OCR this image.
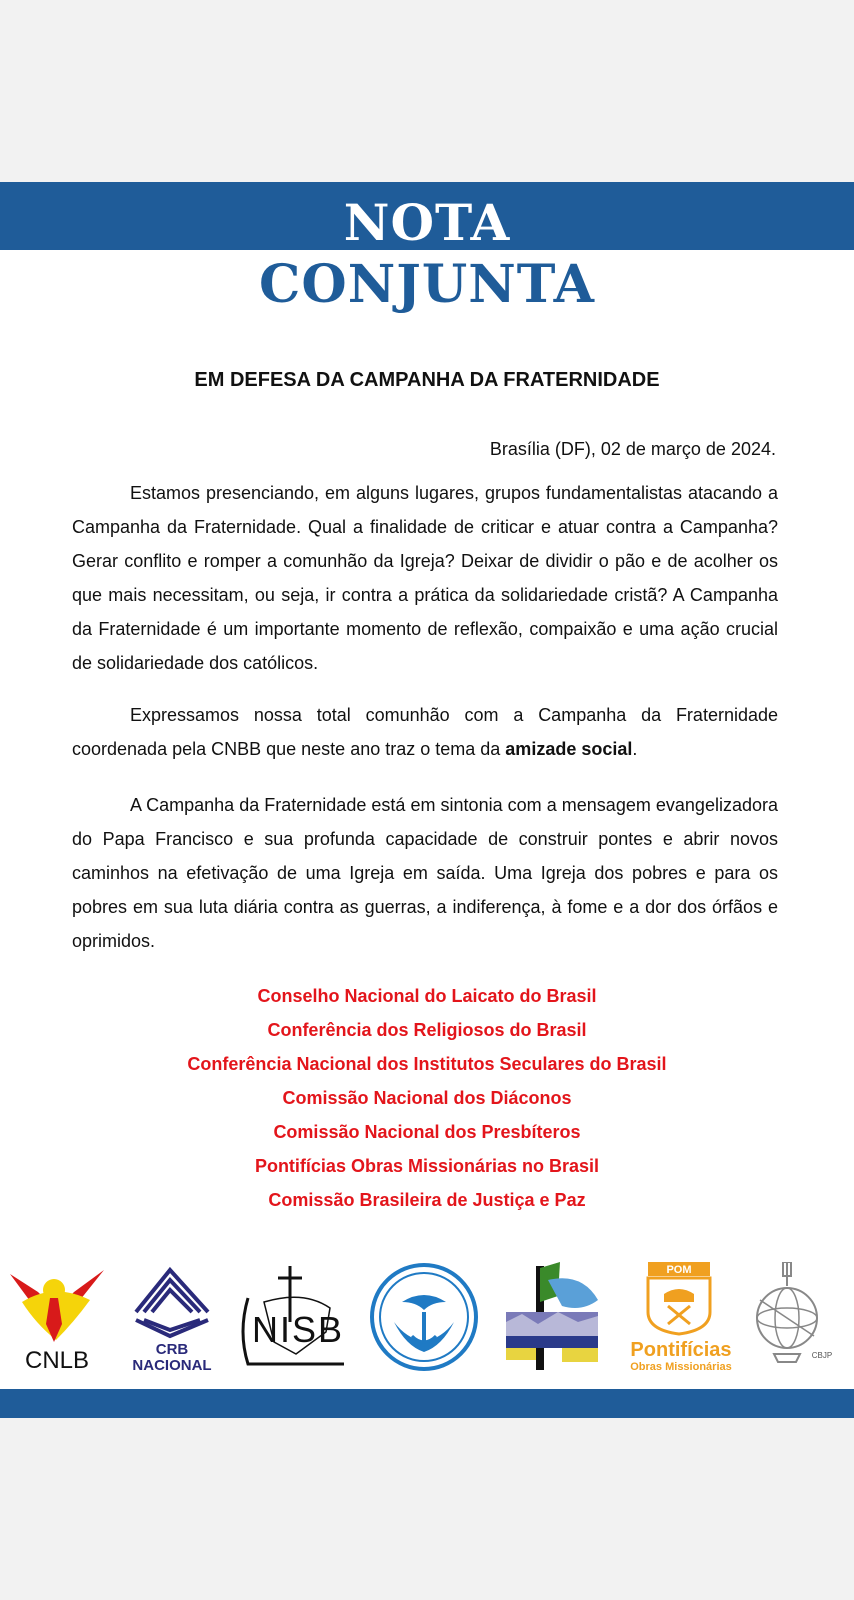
NOTA
CONJUNTA
EM DEFESA DA CAMPANHA DA FRATERNIDADE
Brasília (DF), 02 de março de 2024.

Estamos presenciando, em alguns lugares, grupos fundamentalistas atacando a Campanha da Fraternidade. Qual a finalidade de criticar e atuar contra a Campanha? Gerar conflito e romper a comunhão da Igreja? Deixar de dividir o pão e de acolher os que mais necessitam, ou seja, ir contra a prática da solidariedade cristã? A Campanha da Fraternidade é um importante momento de reflexão, compaixão e uma ação crucial de solidariedade dos católicos.

Expressamos nossa total comunhão com a Campanha da Fraternidade coordenada pela CNBB que neste ano traz o tema da amizade social.

A Campanha da Fraternidade está em sintonia com a mensagem evangelizadora do Papa Francisco e sua profunda capacidade de construir pontes e abrir novos caminhos na efetivação de uma Igreja em saída. Uma Igreja dos pobres e para os pobres em sua luta diária contra as guerras, a indiferença, à fome e a dor dos órfãos e oprimidos.

Conselho Nacional do Laicato do Brasil
Conferência dos Religiosos do Brasil
Conferência Nacional dos Institutos Seculares do Brasil
Comissão Nacional dos Diáconos
Comissão Nacional dos Presbíteros
Pontifícias Obras Missionárias no Brasil
Comissão Brasileira de Justiça e Paz
CNLB	CRB
NACIONAL
NISB
POM
Pontifícias
Obras Missionárias
CBJP
